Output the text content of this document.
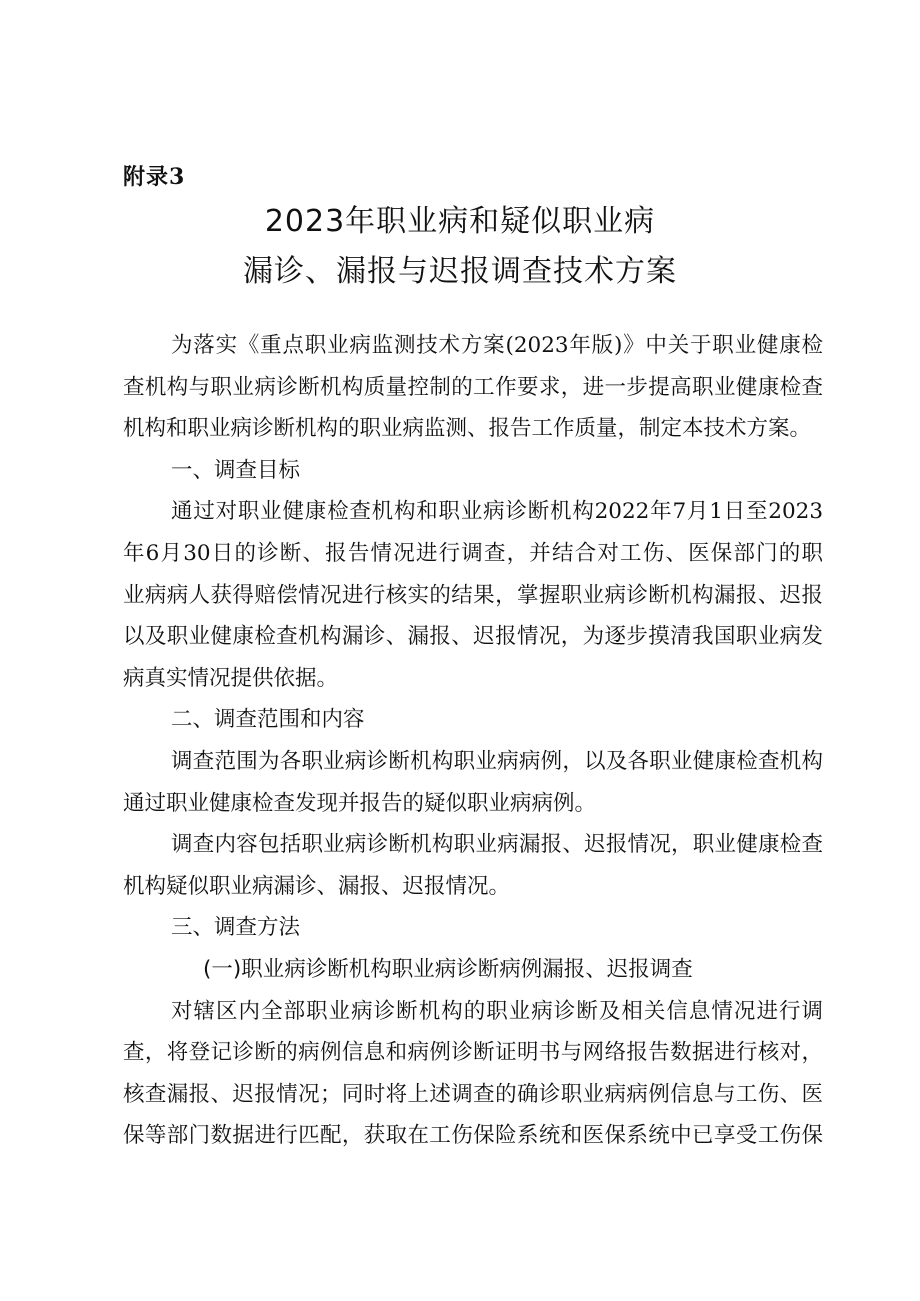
附录3
2023年职业病和疑似职业病
漏诊、漏报与迟报调查技术方案
为落实《重点职业病监测技术方案(2023年版)》中关于职业健康检
查机构与职业病诊断机构质量控制的工作要求，进一步提高职业健康检查
机构和职业病诊断机构的职业病监测、报告工作质量，制定本技术方案。
一、调查目标
通过对职业健康检查机构和职业病诊断机构2022年7月1日至2023
年6月30日的诊断、报告情况进行调查，并结合对工伤、医保部门的职
业病病人获得赔偿情况进行核实的结果，掌握职业病诊断机构漏报、迟报
以及职业健康检查机构漏诊、漏报、迟报情况，为逐步摸清我国职业病发
病真实情况提供依据。
二、调查范围和内容
调查范围为各职业病诊断机构职业病病例，以及各职业健康检查机构
通过职业健康检查发现并报告的疑似职业病病例。
调查内容包括职业病诊断机构职业病漏报、迟报情况，职业健康检查
机构疑似职业病漏诊、漏报、迟报情况。
三、调查方法
(一)职业病诊断机构职业病诊断病例漏报、迟报调查
对辖区内全部职业病诊断机构的职业病诊断及相关信息情况进行调
查，将登记诊断的病例信息和病例诊断证明书与网络报告数据进行核对，
核查漏报、迟报情况；同时将上述调查的确诊职业病病例信息与工伤、医
保等部门数据进行匹配，获取在工伤保险系统和医保系统中已享受工伤保
